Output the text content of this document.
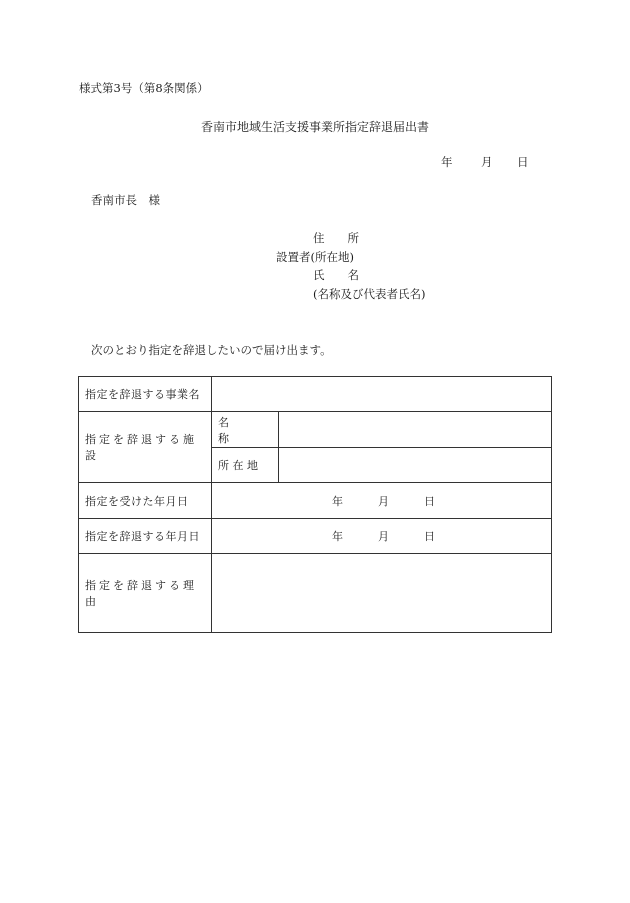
様式第3号（第8条関係）
香南市地域生活支援事業所指定辞退届出書
年 月 日
香南市長　様
住　　所
設置者(所在地)
氏　　名
(名称及び代表者氏名)
次のとおり指定を辞退したいので届け出ます。
指定を辞退する事業名		
指定を辞退する施設	名　　　称	
	所 在 地	
指定を受けた年月日	年 月 日	
指定を辞退する年月日	年 月 日	
指定を辞退する理由		
